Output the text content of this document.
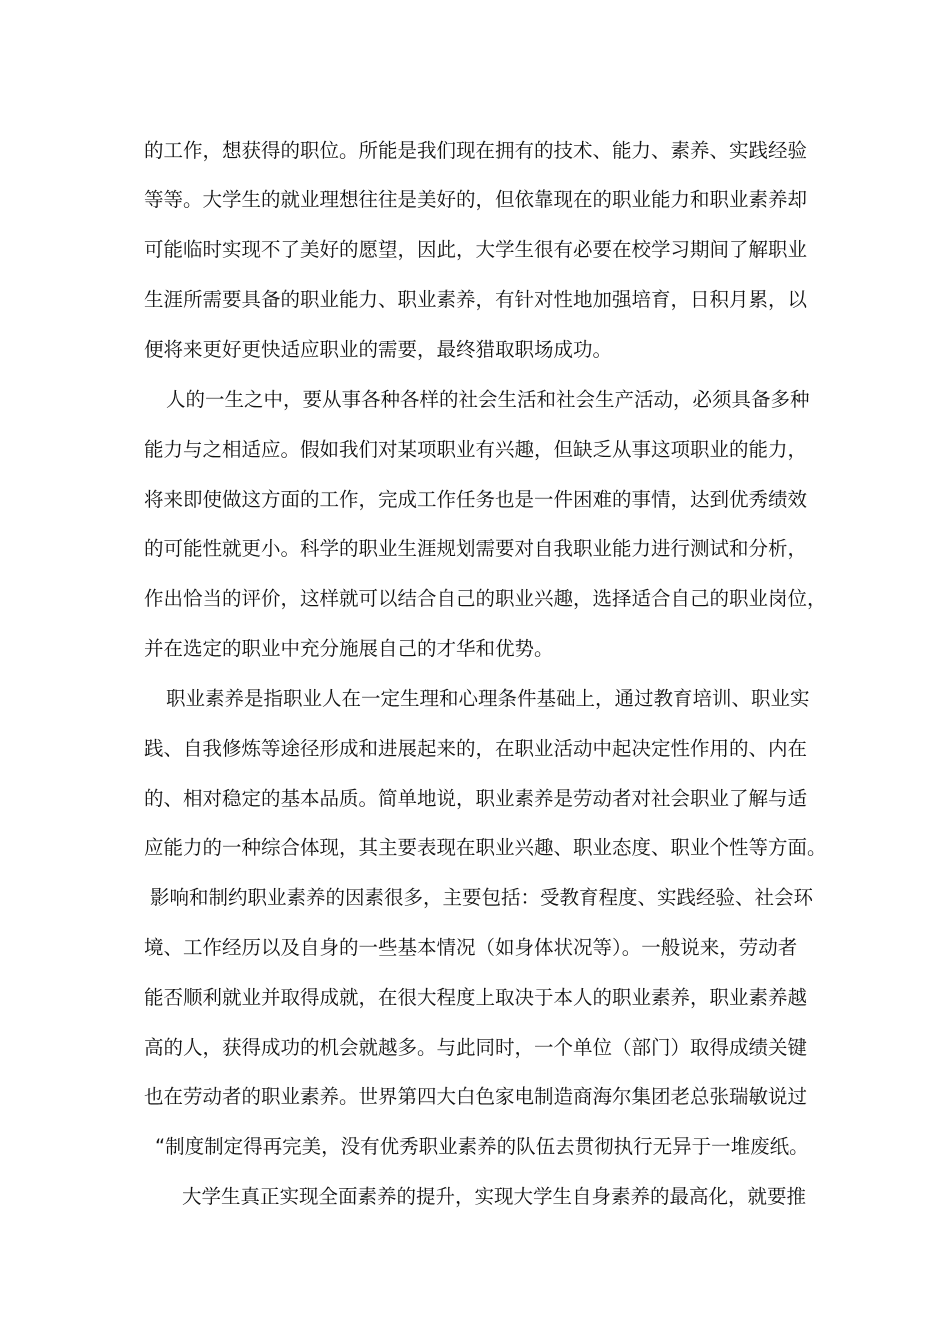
的工作，想获得的职位。所能是我们现在拥有的技术、能力、素养、实践经验
等等。大学生的就业理想往往是美好的，但依靠现在的职业能力和职业素养却
可能临时实现不了美好的愿望，因此，大学生很有必要在校学习期间了解职业
生涯所需要具备的职业能力、职业素养，有针对性地加强培育，日积月累，以
便将来更好更快适应职业的需要，最终猎取职场成功。
人的一生之中，要从事各种各样的社会生活和社会生产活动，必须具备多种
能力与之相适应。假如我们对某项职业有兴趣，但缺乏从事这项职业的能力，
将来即使做这方面的工作，完成工作任务也是一件困难的事情，达到优秀绩效
的可能性就更小。科学的职业生涯规划需要对自我职业能力进行测试和分析，
作出恰当的评价，这样就可以结合自己的职业兴趣，选择适合自己的职业岗位，
并在选定的职业中充分施展自己的才华和优势。
职业素养是指职业人在一定生理和心理条件基础上，通过教育培训、职业实
践、自我修炼等途径形成和进展起来的，在职业活动中起决定性作用的、内在
的、相对稳定的基本品质。简单地说，职业素养是劳动者对社会职业了解与适
应能力的一种综合体现，其主要表现在职业兴趣、职业态度、职业个性等方面。
影响和制约职业素养的因素很多，主要包括：受教育程度、实践经验、社会环
境、工作经历以及自身的一些基本情况（如身体状况等）。一般说来，劳动者
能否顺利就业并取得成就，在很大程度上取决于本人的职业素养，职业素养越
高的人，获得成功的机会就越多。与此同时，一个单位（部门）取得成绩关键
也在劳动者的职业素养。世界第四大白色家电制造商海尔集团老总张瑞敏说过
“制度制定得再完美，没有优秀职业素养的队伍去贯彻执行无异于一堆废纸。
大学生真正实现全面素养的提升，实现大学生自身素养的最高化，就要推
